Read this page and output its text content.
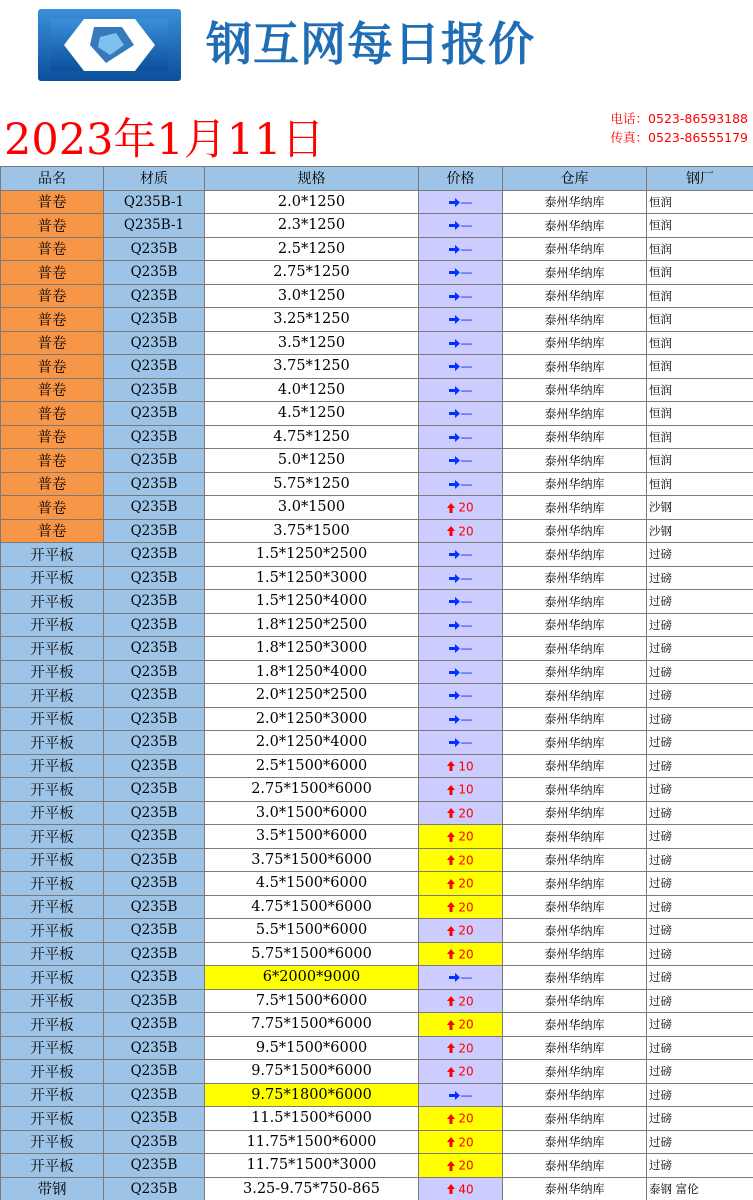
钢互网每日报价
2023年1月11日	电话：0523-86593188
传真：0523-86555179
品名	材质	规格	价格	仓库	钢厂
普卷	Q235B-1	2.0*1250	—	泰州华纳库	恒润
普卷	Q235B-1	2.3*1250	—	泰州华纳库	恒润
普卷	Q235B	2.5*1250	—	泰州华纳库	恒润
普卷	Q235B	2.75*1250	—	泰州华纳库	恒润
普卷	Q235B	3.0*1250	—	泰州华纳库	恒润
普卷	Q235B	3.25*1250	—	泰州华纳库	恒润
普卷	Q235B	3.5*1250	—	泰州华纳库	恒润
普卷	Q235B	3.75*1250	—	泰州华纳库	恒润
普卷	Q235B	4.0*1250	—	泰州华纳库	恒润
普卷	Q235B	4.5*1250	—	泰州华纳库	恒润
普卷	Q235B	4.75*1250	—	泰州华纳库	恒润
普卷	Q235B	5.0*1250	—	泰州华纳库	恒润
普卷	Q235B	5.75*1250	—	泰州华纳库	恒润
普卷	Q235B	3.0*1500	20	泰州华纳库	沙钢
普卷	Q235B	3.75*1500	20	泰州华纳库	沙钢
开平板	Q235B	1.5*1250*2500	—	泰州华纳库	过磅
开平板	Q235B	1.5*1250*3000	—	泰州华纳库	过磅
开平板	Q235B	1.5*1250*4000	—	泰州华纳库	过磅
开平板	Q235B	1.8*1250*2500	—	泰州华纳库	过磅
开平板	Q235B	1.8*1250*3000	—	泰州华纳库	过磅
开平板	Q235B	1.8*1250*4000	—	泰州华纳库	过磅
开平板	Q235B	2.0*1250*2500	—	泰州华纳库	过磅
开平板	Q235B	2.0*1250*3000	—	泰州华纳库	过磅
开平板	Q235B	2.0*1250*4000	—	泰州华纳库	过磅
开平板	Q235B	2.5*1500*6000	10	泰州华纳库	过磅
开平板	Q235B	2.75*1500*6000	10	泰州华纳库	过磅
开平板	Q235B	3.0*1500*6000	20	泰州华纳库	过磅
开平板	Q235B	3.5*1500*6000	20	泰州华纳库	过磅
开平板	Q235B	3.75*1500*6000	20	泰州华纳库	过磅
开平板	Q235B	4.5*1500*6000	20	泰州华纳库	过磅
开平板	Q235B	4.75*1500*6000	20	泰州华纳库	过磅
开平板	Q235B	5.5*1500*6000	20	泰州华纳库	过磅
开平板	Q235B	5.75*1500*6000	20	泰州华纳库	过磅
开平板	Q235B	6*2000*9000	—	泰州华纳库	过磅
开平板	Q235B	7.5*1500*6000	20	泰州华纳库	过磅
开平板	Q235B	7.75*1500*6000	20	泰州华纳库	过磅
开平板	Q235B	9.5*1500*6000	20	泰州华纳库	过磅
开平板	Q235B	9.75*1500*6000	20	泰州华纳库	过磅
开平板	Q235B	9.75*1800*6000	—	泰州华纳库	过磅
开平板	Q235B	11.5*1500*6000	20	泰州华纳库	过磅
开平板	Q235B	11.75*1500*6000	20	泰州华纳库	过磅
开平板	Q235B	11.75*1500*3000	20	泰州华纳库	过磅
带钢	Q235B	3.25-9.75*750-865	40	泰州华纳库	泰钢 富伦
